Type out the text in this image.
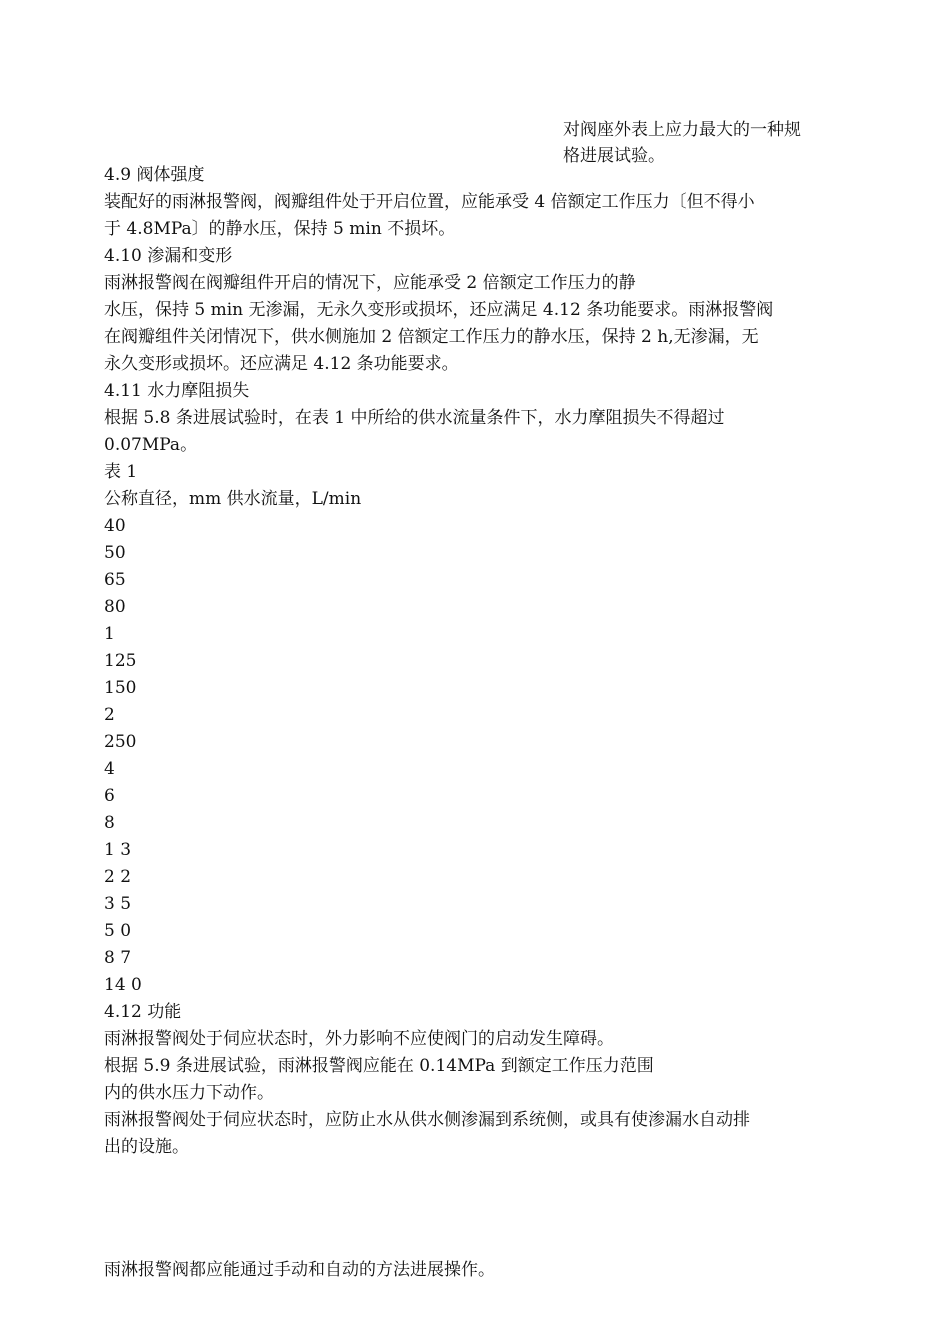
对阀座外表上应力最大的一种规
格进展试验。
4.9 阀体强度
装配好的雨淋报警阀，阀瓣组件处于开启位置，应能承受 4 倍额定工作压力〔但不得小
于 4.8MPa〕的静水压，保持 5 min 不损坏。
4.10 渗漏和变形
雨淋报警阀在阀瓣组件开启的情况下，应能承受 2 倍额定工作压力的静
水压，保持 5 min 无渗漏，无永久变形或损坏，还应满足 4.12 条功能要求。雨淋报警阀
在阀瓣组件关闭情况下，供水侧施加 2 倍额定工作压力的静水压，保持 2 h,无渗漏，无
永久变形或损坏。还应满足 4.12 条功能要求。
4.11 水力摩阻损失
根据 5.8 条进展试验时，在表 1 中所给的供水流量条件下，水力摩阻损失不得超过
0.07MPa。
表 1
公称直径，mm 供水流量，L/min
40
50
65
80
1
125
150
2
250
4
6
8
1 3
2 2
3 5
5 0
8 7
14 0
4.12 功能
雨淋报警阀处于伺应状态时，外力影响不应使阀门的启动发生障碍。
根据 5.9 条进展试验，雨淋报警阀应能在 0.14MPa 到额定工作压力范围
内的供水压力下动作。
雨淋报警阀处于伺应状态时，应防止水从供水侧渗漏到系统侧，或具有使渗漏水自动排
出的设施。
雨淋报警阀都应能通过手动和自动的方法进展操作。
